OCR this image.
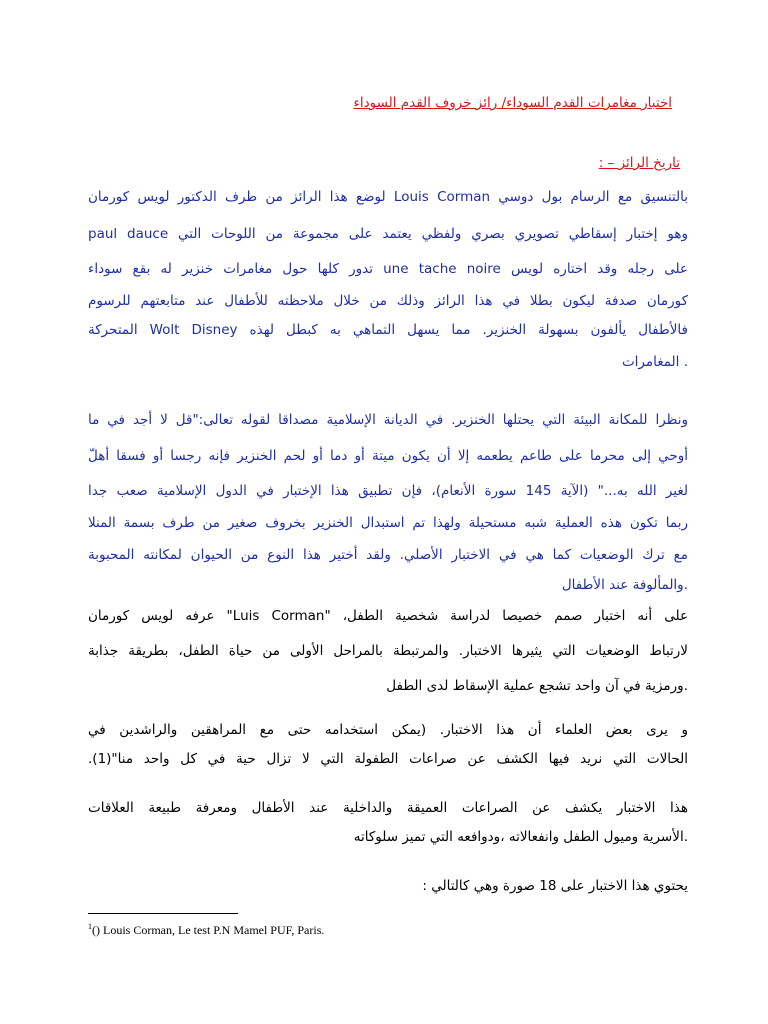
اختبار مغامرات القدم السوداء/ رائز خروف القدم السوداء
تاريخ الرائز – :
بالتنسيق مع الرسام بول دوسي Louis Corman لوضع هذا الرائز من طرف الدكتور لويس كورمان
وهو إختبار إسقاطي تصويري بصري ولفظي يعتمد على مجموعة من اللوحات التي paul dauce
على رجله وقد اختاره لويس une tache noire تدور كلها حول مغامرات خنزير له بقع سوداء
كورمان صدفة ليكون بطلا في هذا الرائز وذلك من خلال ملاحظته للأطفال عند متابعتهم للرسوم
فالأطفال يألفون بسهولة الخنزير. مما يسهل التماهي به كبطل لهذه Wolt Disney المتحركة
. المغامرات
ونظرا للمكانة البيئة التي يحتلها الخنزير. في الديانة الإسلامية مصداقا لقوله تعالى:"قل لا أجد في ما
أوحي إلى محرما على طاعم يطعمه إلا أن يكون ميتة أو دما أو لحم الخنزير فإنه رجسا أو فسقا أهلّ
لغير الله به..." (الآية 145 سورة الأنعام)، فإن تطبيق هذا الإختبار في الدول الإسلامية صعب جدا
ربما تكون هذه العملية شبه مستحيلة ولهذا تم استبدال الخنزير بخروف صغير من طرف بسمة المنلا
مع ترك الوضعيات كما هي في الاختبار الأصلي. ولقد أختير هذا النوع من الحيوان لمكانته المحبوبة
.والمألوفة عند الأطفال
على أنه اختبار صمم خصيصا لدراسة شخصية الطفل، "Luis Corman" عرفه لويس كورمان
لارتباط الوضعيات التي يثيرها الاختبار. والمرتبطة بالمراحل الأولى من حياة الطفل، بطريقة جذابة
.ورمزية في آن واحد تشجع عملية الإسقاط لدى الطفل
و يرى بعض العلماء أن هذا الاختبار. (يمكن استخدامه حتى مع المراهقين والراشدين في
الحالات التي نريد فيها الكشف عن صراعات الطفولة التي لا تزال حية في كل واحد منا"(1).
هذا الاختبار يكشف عن الصراعات العميقة والداخلية عند الأطفال ومعرفة طبيعة العلاقات
.الأسرية وميول الطفل وانفعالاته ،ودوافعه التي تميز سلوكاته
يحتوي هذا الاختبار على 18 صورة وهي كالتالي :
$^1$() Louis Corman, Le test P.N Mamel PUF, Paris.
